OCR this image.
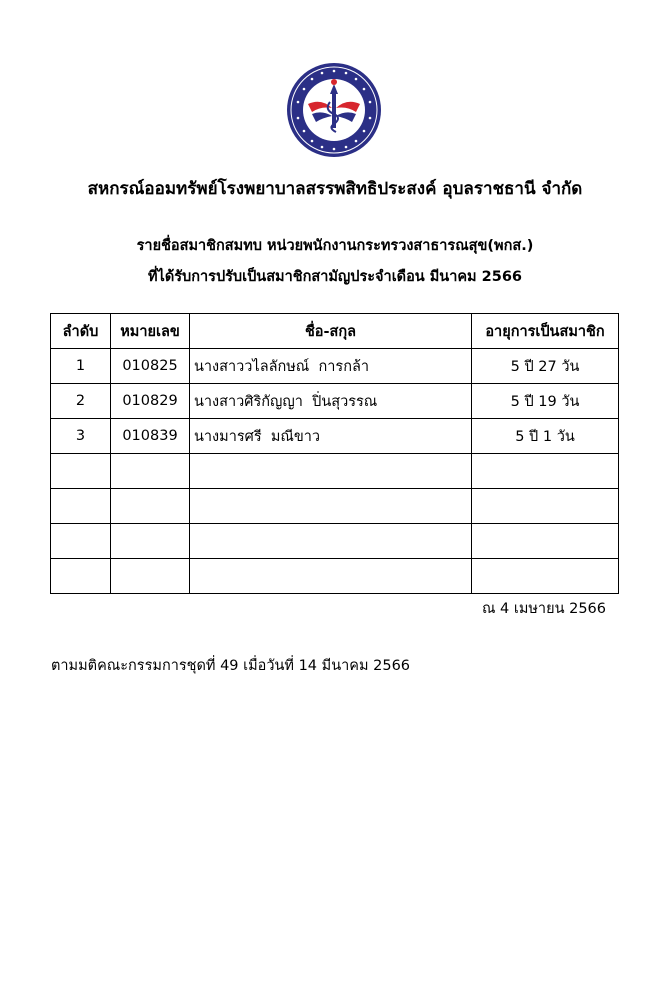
สหกรณ์ออมทรัพย์โรงพยาบาลสรรพสิทธิประสงค์ อุบลราชธานี จำกัด
รายชื่อสมาชิกสมทบ หน่วยพนักงานกระทรวงสาธารณสุข(พกส.)
ที่ได้รับการปรับเป็นสมาชิกสามัญประจำเดือน มีนาคม 2566
ลำดับ	หมายเลข	ชื่อ-สกุล	อายุการเป็นสมาชิก
1	010825	นางสาววไลลักษณ์  การกล้า	5 ปี 27 วัน
2	010829	นางสาวศิริกัญญา  ปิ่นสุวรรณ	5 ปี 19 วัน
3	010839	นางมารศรี  มณีขาว	5 ปี 1 วัน

ณ 4 เมษายน 2566
ตามมติคณะกรรมการชุดที่ 49 เมื่อวันที่ 14 มีนาคม 2566
